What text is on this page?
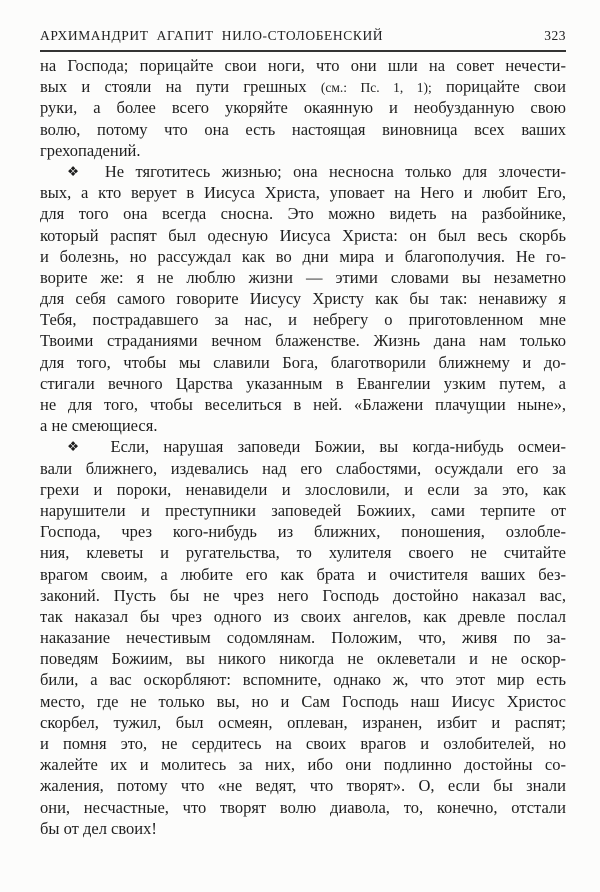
АРХИМАНДРИТ АГАПИТ НИЛО-СТОЛОБЕНСКИЙ	323
на Господа; порицайте свои ноги, что они шли на совет нечести-
вых и стояли на пути грешных (см.: Пс. 1, 1); порицайте свои
руки, а более всего укоряйте окаянную и необузданную свою
волю, потому что она есть настоящая виновница всех ваших
грехопадений.
❖ Не тяготитесь жизнью; она несносна только для злочести-
вых, а кто верует в Иисуса Христа, уповает на Него и любит Его,
для того она всегда сносна. Это можно видеть на разбойнике,
который распят был одесную Иисуса Христа: он был весь скорбь
и болезнь, но рассуждал как во дни мира и благополучия. Не го-
ворите же: я не люблю жизни — этими словами вы незаметно
для себя самого говорите Иисусу Христу как бы так: ненавижу я
Тебя, пострадавшего за нас, и небрегу о приготовленном мне
Твоими страданиями вечном блаженстве. Жизнь дана нам только
для того, чтобы мы славили Бога, благотворили ближнему и до-
стигали вечного Царства указанным в Евангелии узким путем, а
не для того, чтобы веселиться в ней. «Блажени плачущии ныне»,
а не смеющиеся.
❖ Если, нарушая заповеди Божии, вы когда-нибудь осмеи-
вали ближнего, издевались над его слабостями, осуждали его за
грехи и пороки, ненавидели и злословили, и если за это, как
нарушители и преступники заповедей Божиих, сами терпите от
Господа, чрез кого-нибудь из ближних, поношения, озлобле-
ния, клеветы и ругательства, то хулителя своего не считайте
врагом своим, а любите его как брата и очистителя ваших без-
законий. Пусть бы не чрез него Господь достойно наказал вас,
так наказал бы чрез одного из своих ангелов, как древле послал
наказание нечестивым содомлянам. Положим, что, живя по за-
поведям Божиим, вы никого никогда не оклеветали и не оскор-
били, а вас оскорбляют: вспомните, однако ж, что этот мир есть
место, где не только вы, но и Сам Господь наш Иисус Христос
скорбел, тужил, был осмеян, оплеван, изранен, избит и распят;
и помня это, не сердитесь на своих врагов и озлобителей, но
жалейте их и молитесь за них, ибо они подлинно достойны со-
жаления, потому что «не ведят, что творят». О, если бы знали
они, несчастные, что творят волю диавола, то, конечно, отстали
бы от дел своих!
